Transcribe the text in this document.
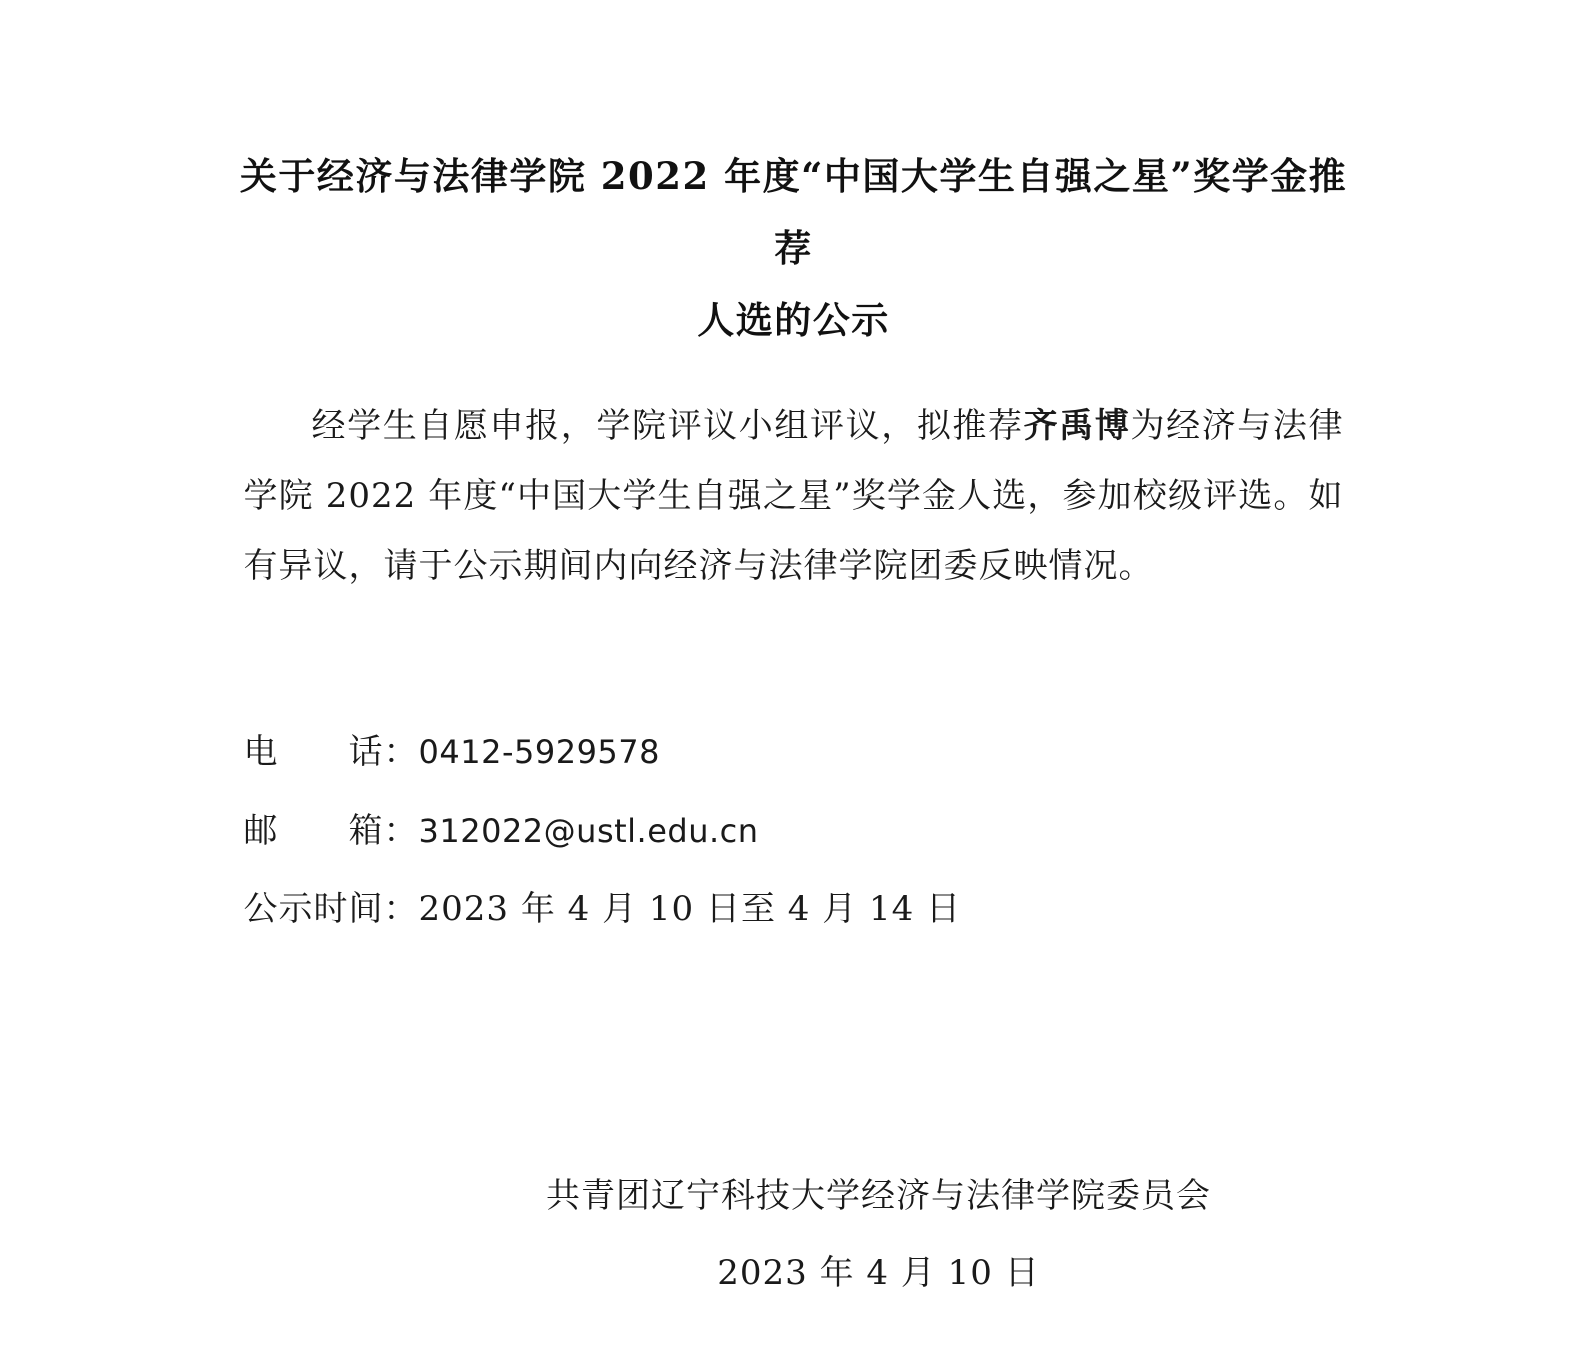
关于经济与法律学院 2022 年度“中国大学生自强之星”奖学金推荐
人选的公示

经学生自愿申报，学院评议小组评议，拟推荐齐禹博为经济与法律学院 2022 年度“中国大学生自强之星”奖学金人选，参加校级评选。如有异议，请于公示期间内向经济与法律学院团委反映情况。

电　　话：0412-5929578
邮　　箱：312022@ustl.edu.cn
公示时间：2023 年 4 月 10 日至 4 月 14 日
共青团辽宁科技大学经济与法律学院委员会
2023 年 4 月 10 日
